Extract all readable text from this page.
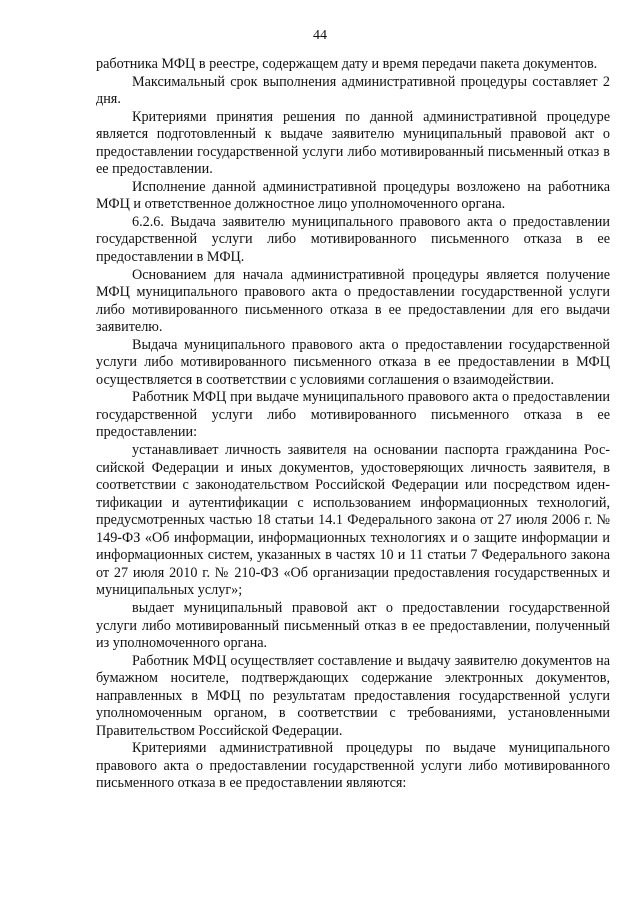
44

работника МФЦ в реестре, содержащем дату и время передачи пакета документов.

Максимальный срок выполнения административной процедуры составляет 2 дня.

Критериями принятия решения по данной административной процедуре является подготовленный к выдаче заявителю муниципальный правовой акт о предоставлении государственной услуги либо мотивированный письменный отказ в ее предоставлении.

Исполнение данной административной процедуры возложено на работника МФЦ и ответственное должностное лицо уполномоченного органа.

6.2.6. Выдача заявителю муниципального правового акта о предоставлении государственной услуги либо мотивированного письменного отказа в ее предоставлении в МФЦ.

Основанием для начала административной процедуры является получение МФЦ муниципального правового акта о предоставлении государственной услуги либо мотивированного письменного отказа в ее предоставлении для его выдачи заявителю.

Выдача муниципального правового акта о предоставлении государственной услуги либо мотивированного письменного отказа в ее предоставлении в МФЦ осуществляется в соответствии с условиями соглашения о взаимодействии.

Работник МФЦ при выдаче муниципального правового акта о предоставлении государственной услуги либо мотивированного письменного отказа в ее предоставлении:

устанавливает личность заявителя на основании паспорта гражданина Российской Федерации и иных документов, удостоверяющих личность заявителя, в соответствии с законодательством Российской Федерации или посредством идентификации и аутентификации с использованием информационных технологий, предусмотренных частью 18 статьи 14.1 Федерального закона от 27 июля 2006 г. № 149-ФЗ «Об информации, информационных технологиях и о защите информации и информационных систем, указанных в частях 10 и 11 статьи 7 Федерального закона от 27 июля 2010 г. № 210-ФЗ «Об организации предоставления государственных и муниципальных услуг»;

выдает муниципальный правовой акт о предоставлении государственной услуги либо мотивированный письменный отказ в ее предоставлении, полученный из уполномоченного органа.

Работник МФЦ осуществляет составление и выдачу заявителю документов на бумажном носителе, подтверждающих содержание электронных документов, направленных в МФЦ по результатам предоставления государственной услуги уполномоченным органом, в соответствии с требованиями, установленными Правительством Российской Федерации.

Критериями административной процедуры по выдаче муниципального правового акта о предоставлении государственной услуги либо мотивированного письменного отказа в ее предоставлении являются:
